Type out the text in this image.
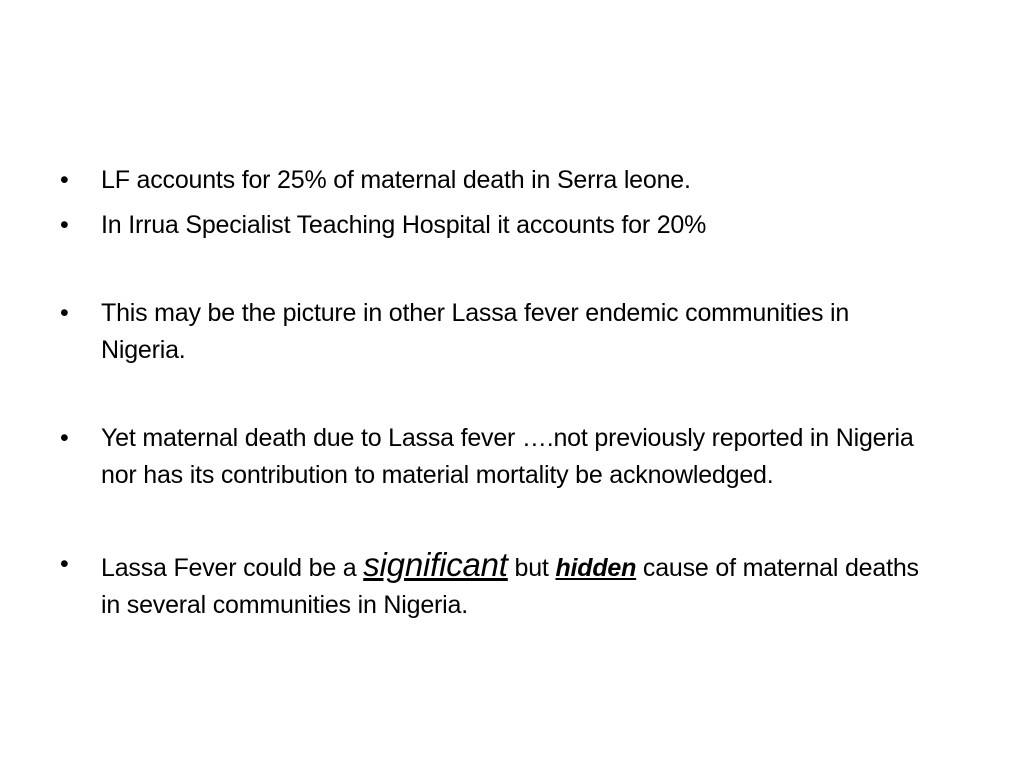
•	LF accounts for 25% of maternal death in Serra leone.
•	In Irrua Specialist Teaching Hospital it accounts for 20%
•	This may be the picture in other Lassa fever endemic communities in Nigeria.
•	Yet maternal death due to Lassa fever ….not previously reported in Nigeria nor has its contribution to material mortality be acknowledged.
•	Lassa Fever could be a significant but hidden cause of maternal deaths in several communities in Nigeria.
